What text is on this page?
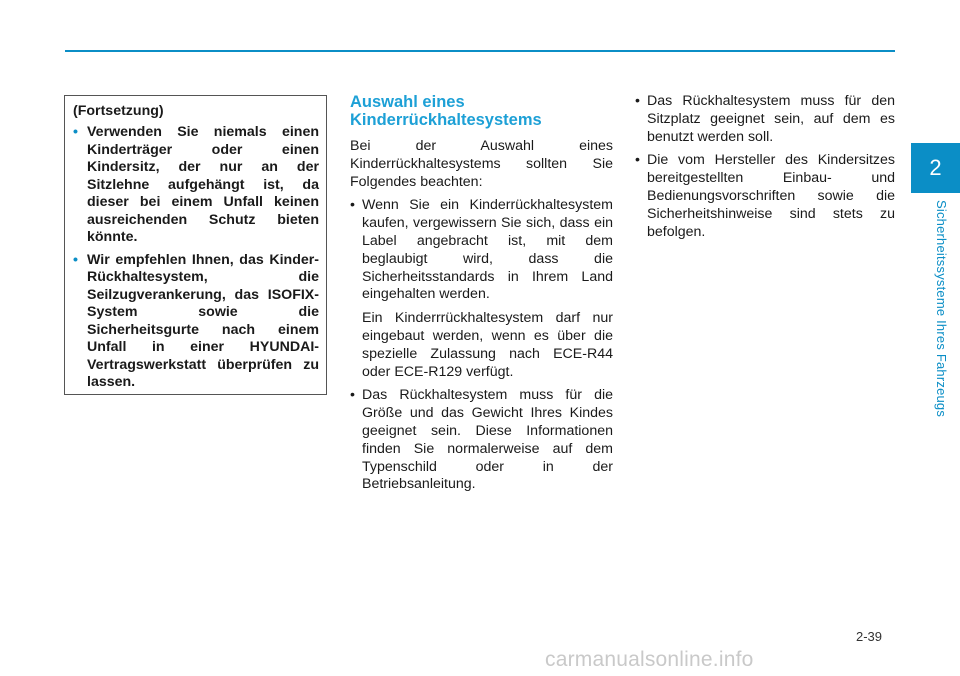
2
Sicherheitssysteme Ihres Fahrzeugs
(Fortsetzung)
• Verwenden Sie niemals einen Kinderträger oder einen Kindersitz, der nur an der Sitzlehne aufgehängt ist, da dieser bei einem Unfall keinen ausreichenden Schutz bieten könnte.
• Wir empfehlen Ihnen, das Kinder-Rückhaltesystem, die Seilzugverankerung, das ISOFIX-System sowie die Sicherheitsgurte nach einem Unfall in einer HYUNDAI-Vertragswerkstatt überprüfen zu lassen.
Auswahl eines
Kinderrückhaltesystems
Bei der Auswahl eines Kinderrückhaltesystems sollten Sie Folgendes beachten:
• Wenn Sie ein Kinderrückhaltesystem kaufen, vergewissern Sie sich, dass ein Label angebracht ist, mit dem beglaubigt wird, dass die Sicherheitsstandards in Ihrem Land eingehalten werden.
Ein Kinderrrückhaltesystem darf nur eingebaut werden, wenn es über die spezielle Zulassung nach ECE-R44 oder ECE-R129 verfügt.
• Das Rückhaltesystem muss für die Größe und das Gewicht Ihres Kindes geeignet sein. Diese Informationen finden Sie normalerweise auf dem Typenschild oder in der Betriebsanleitung.
• Das Rückhaltesystem muss für den Sitzplatz geeignet sein, auf dem es benutzt werden soll.
• Die vom Hersteller des Kindersitzes bereitgestellten Einbau- und Bedienungsvorschriften sowie die Sicherheitshinweise sind stets zu befolgen.
2-39
carmanualsonline.info
